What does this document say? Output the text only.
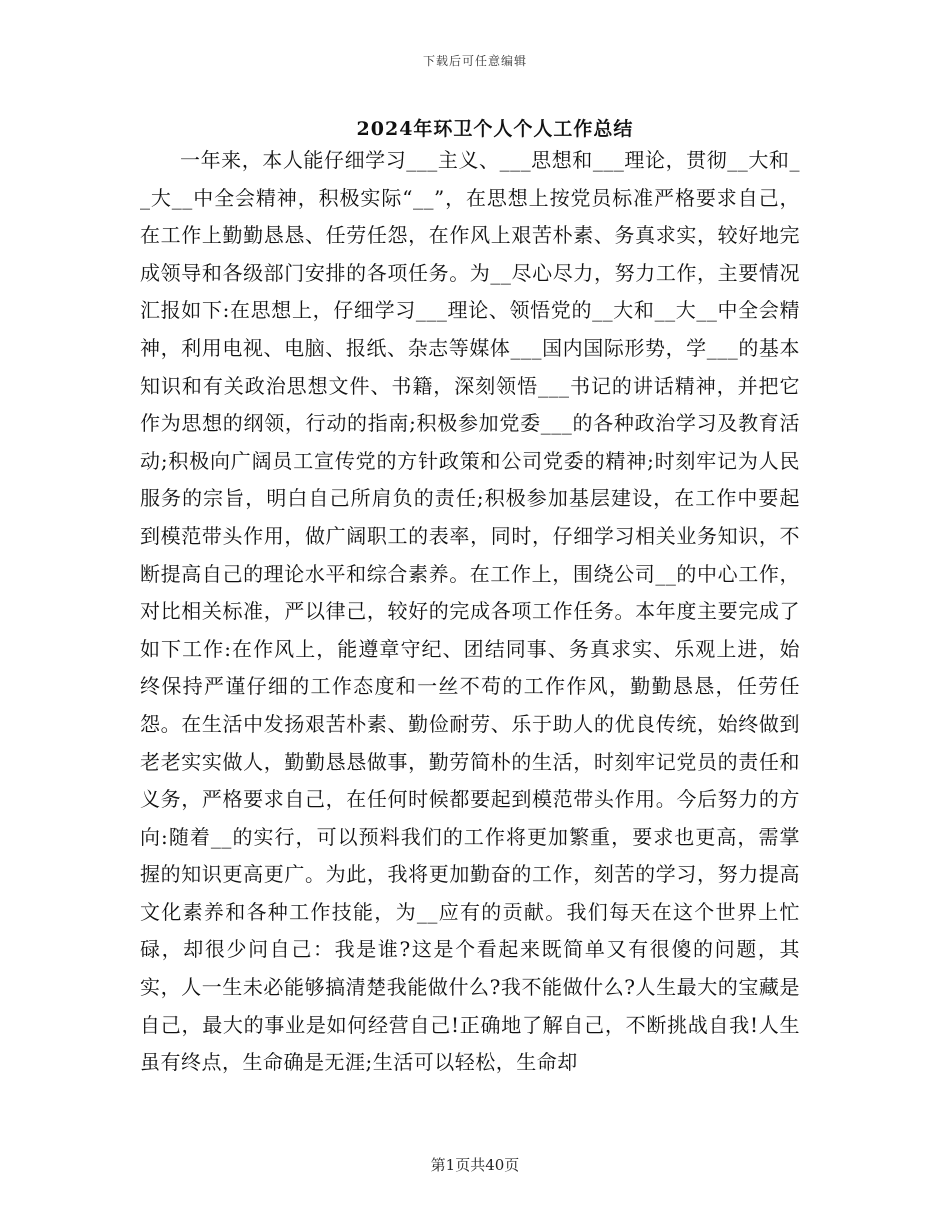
下载后可任意编辑
2024年环卫个人个人工作总结

一年来，本人能仔细学习___主义、___思想和___理论，贯彻__大和__大__中全会精神，积极实际“__”，在思想上按党员标准严格要求自己，在工作上勤勤恳恳、任劳任怨，在作风上艰苦朴素、务真求实，较好地完成领导和各级部门安排的各项任务。为__尽心尽力，努力工作，主要情况汇报如下:在思想上，仔细学习___理论、领悟党的__大和__大__中全会精神，利用电视、电脑、报纸、杂志等媒体___国内国际形势，学___的基本知识和有关政治思想文件、书籍，深刻领悟___书记的讲话精神，并把它作为思想的纲领，行动的指南;积极参加党委___的各种政治学习及教育活动;积极向广阔员工宣传党的方针政策和公司党委的精神;时刻牢记为人民服务的宗旨，明白自己所肩负的责任;积极参加基层建设，在工作中要起到模范带头作用，做广阔职工的表率，同时，仔细学习相关业务知识，不断提高自己的理论水平和综合素养。在工作上，围绕公司__的中心工作，对比相关标准，严以律己，较好的完成各项工作任务。本年度主要完成了如下工作:在作风上，能遵章守纪、团结同事、务真求实、乐观上进，始终保持严谨仔细的工作态度和一丝不苟的工作作风，勤勤恳恳，任劳任怨。在生活中发扬艰苦朴素、勤俭耐劳、乐于助人的优良传统，始终做到老老实实做人，勤勤恳恳做事，勤劳简朴的生活，时刻牢记党员的责任和义务，严格要求自己，在任何时候都要起到模范带头作用。今后努力的方向:随着__的实行，可以预料我们的工作将更加繁重，要求也更高，需掌握的知识更高更广。为此，我将更加勤奋的工作，刻苦的学习，努力提高文化素养和各种工作技能，为__应有的贡献。我们每天在这个世界上忙碌，却很少问自己：我是谁?这是个看起来既简单又有很傻的问题，其实，人一生未必能够搞清楚我能做什么?我不能做什么?人生最大的宝藏是自己，最大的事业是如何经营自己!正确地了解自己，不断挑战自我!人生虽有终点，生命确是无涯;生活可以轻松，生命却

第1页共40页
